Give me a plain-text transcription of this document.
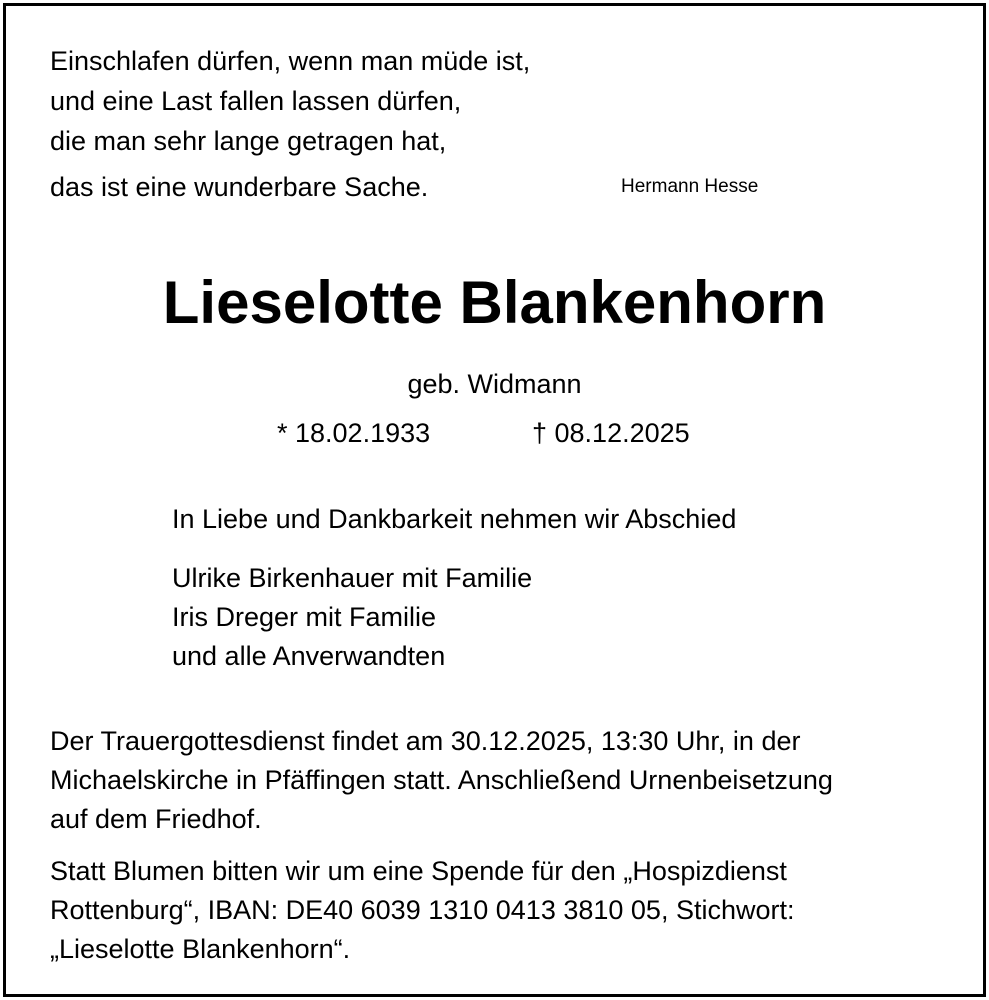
Einschlafen dürfen, wenn man müde ist,
und eine Last fallen lassen dürfen,
die man sehr lange getragen hat,
das ist eine wunderbare Sache.	Hermann Hesse
Lieselotte Blankenhorn
geb. Widmann
* 18.02.1933	† 08.12.2025
In Liebe und Dankbarkeit nehmen wir Abschied
Ulrike Birkenhauer mit Familie
Iris Dreger mit Familie
und alle Anverwandten
Der Trauergottesdienst findet am 30.12.2025, 13:30 Uhr, in der
Michaelskirche in Pfäffingen statt. Anschließend Urnenbeisetzung
auf dem Friedhof.
Statt Blumen bitten wir um eine Spende für den „Hospizdienst
Rottenburg“, IBAN: DE40 6039 1310 0413 3810 05, Stichwort:
„Lieselotte Blankenhorn“.
